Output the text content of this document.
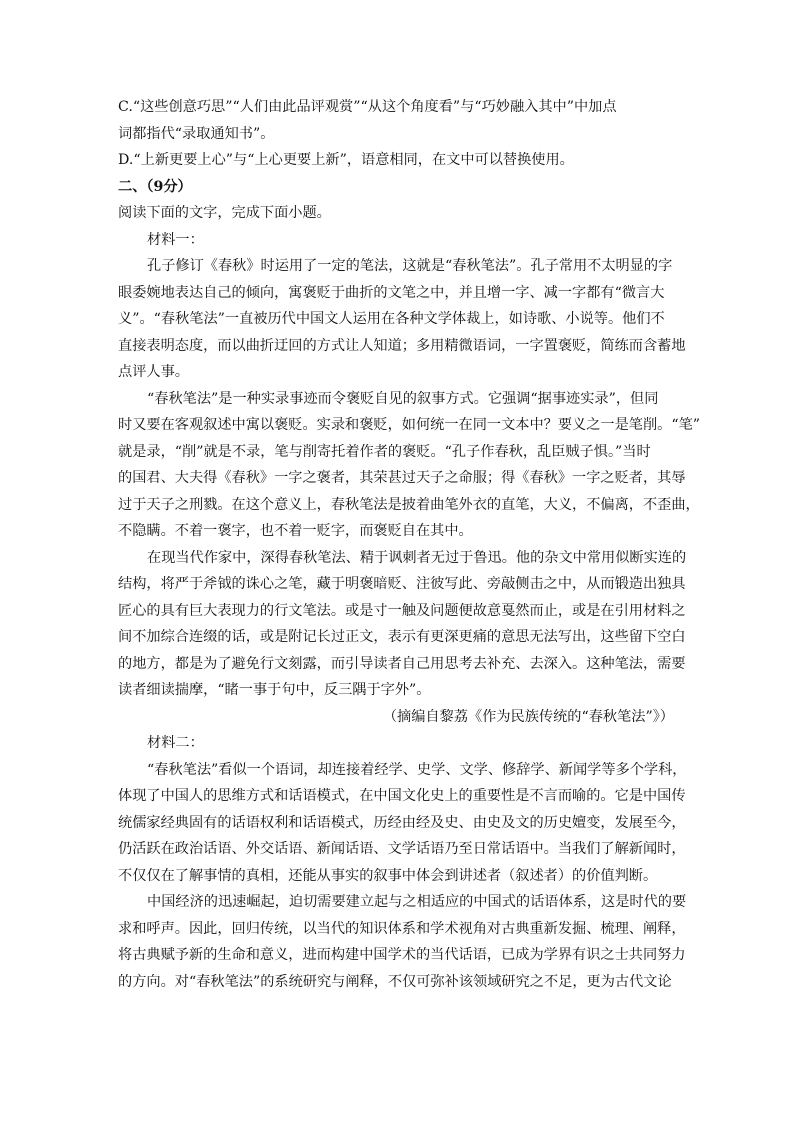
C.“这些创意巧思”“人们由此品评观赏”“从这个角度看”与“巧妙融入其中”中加点

词都指代“录取通知书”。

D.“上新更要上心”与“上心更要上新”，语意相同，在文中可以替换使用。

二、（9分）

阅读下面的文字，完成下面小题。

材料一：

孔子修订《春秋》时运用了一定的笔法，这就是“春秋笔法”。孔子常用不太明显的字

眼委婉地表达自己的倾向，寓褒贬于曲折的文笔之中，并且增一字、减一字都有“微言大

义”。“春秋笔法”一直被历代中国文人运用在各种文学体裁上，如诗歌、小说等。他们不

直接表明态度，而以曲折迂回的方式让人知道；多用精微语词，一字置褒贬，简练而含蓄地

点评人事。

“春秋笔法”是一种实录事迹而令褒贬自见的叙事方式。它强调“据事迹实录”，但同

时又要在客观叙述中寓以褒贬。实录和褒贬，如何统一在同一文本中？要义之一是笔削。“笔”

就是录，“削”就是不录，笔与削寄托着作者的褒贬。“孔子作春秋，乱臣贼子惧。”当时

的国君、大夫得《春秋》一字之褒者，其荣甚过天子之命服；得《春秋》一字之贬者，其辱

过于天子之刑戮。在这个意义上，春秋笔法是披着曲笔外衣的直笔，大义，不偏离，不歪曲，

不隐瞒。不着一褒字，也不着一贬字，而褒贬自在其中。

在现当代作家中，深得春秋笔法、精于讽刺者无过于鲁迅。他的杂文中常用似断实连的

结构，将严于斧钺的诛心之笔，藏于明褒暗贬、注彼写此、旁敲侧击之中，从而锻造出独具

匠心的具有巨大表现力的行文笔法。或是寸一触及问题便故意戛然而止，或是在引用材料之

间不加综合连缀的话，或是附记长过正文，表示有更深更痛的意思无法写出，这些留下空白

的地方，都是为了避免行文刻露，而引导读者自己用思考去补充、去深入。这种笔法，需要

读者细读揣摩，“睹一事于句中，反三隅于字外”。

（摘编自黎荔《作为民族传统的“春秋笔法”》）

材料二：

“春秋笔法”看似一个语词，却连接着经学、史学、文学、修辞学、新闻学等多个学科，

体现了中国人的思维方式和话语模式，在中国文化史上的重要性是不言而喻的。它是中国传

统儒家经典固有的话语权利和话语模式，历经由经及史、由史及文的历史嬗变，发展至今，

仍活跃在政治话语、外交话语、新闻话语、文学话语乃至日常话语中。当我们了解新闻时，

不仅仅在了解事情的真相，还能从事实的叙事中体会到讲述者（叙述者）的价值判断。

中国经济的迅速崛起，迫切需要建立起与之相适应的中国式的话语体系，这是时代的要

求和呼声。因此，回归传统，以当代的知识体系和学术视角对古典重新发掘、梳理、阐释，

将古典赋予新的生命和意义，进而构建中国学术的当代话语，已成为学界有识之士共同努力

的方向。对“春秋笔法”的系统研究与阐释，不仅可弥补该领域研究之不足，更为古代文论
